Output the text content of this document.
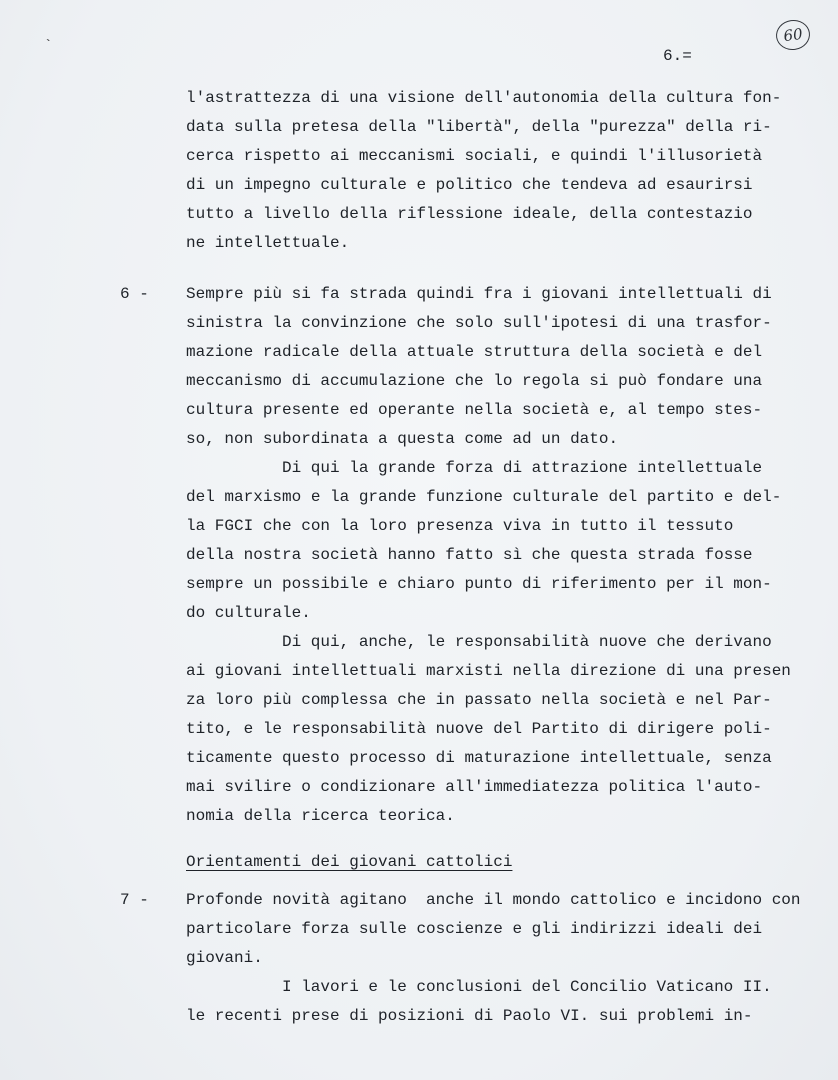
`
60
6.=
l'astrattezza di una visione dell'autonomia della cultura fon-
data sulla pretesa della "libertà", della "purezza" della ri-
cerca rispetto ai meccanismi sociali, e quindi l'illusorietà
di un impegno culturale e politico che tendeva ad esaurirsi
tutto a livello della riflessione ideale, della contestazio
ne intellettuale.
6 - Sempre più si fa strada quindi fra i giovani intellettuali di
sinistra la convinzione che solo sull'ipotesi di una trasfor-
mazione radicale della attuale struttura della società e del
meccanismo di accumulazione che lo regola si può fondare una
cultura presente ed operante nella società e, al tempo stes-
so, non subordinata a questa come ad un dato.
Di qui la grande forza di attrazione intellettuale
del marxismo e la grande funzione culturale del partito e del-
la FGCI che con la loro presenza viva in tutto il tessuto
della nostra società hanno fatto sì che questa strada fosse
sempre un possibile e chiaro punto di riferimento per il mon-
do culturale.
Di qui, anche, le responsabilità nuove che derivano
ai giovani intellettuali marxisti nella direzione di una presen
za loro più complessa che in passato nella società e nel Par-
tito, e le responsabilità nuove del Partito di dirigere poli-
ticamente questo processo di maturazione intellettuale, senza
mai svilire o condizionare all'immediatezza politica l'auto-
nomia della ricerca teorica.
Orientamenti dei giovani cattolici
7 - Profonde novità agitano  anche il mondo cattolico e incidono con
particolare forza sulle coscienze e gli indirizzi ideali dei
giovani.
I lavori e le conclusioni del Concilio Vaticano II.
le recenti prese di posizioni di Paolo VI. sui problemi in-
